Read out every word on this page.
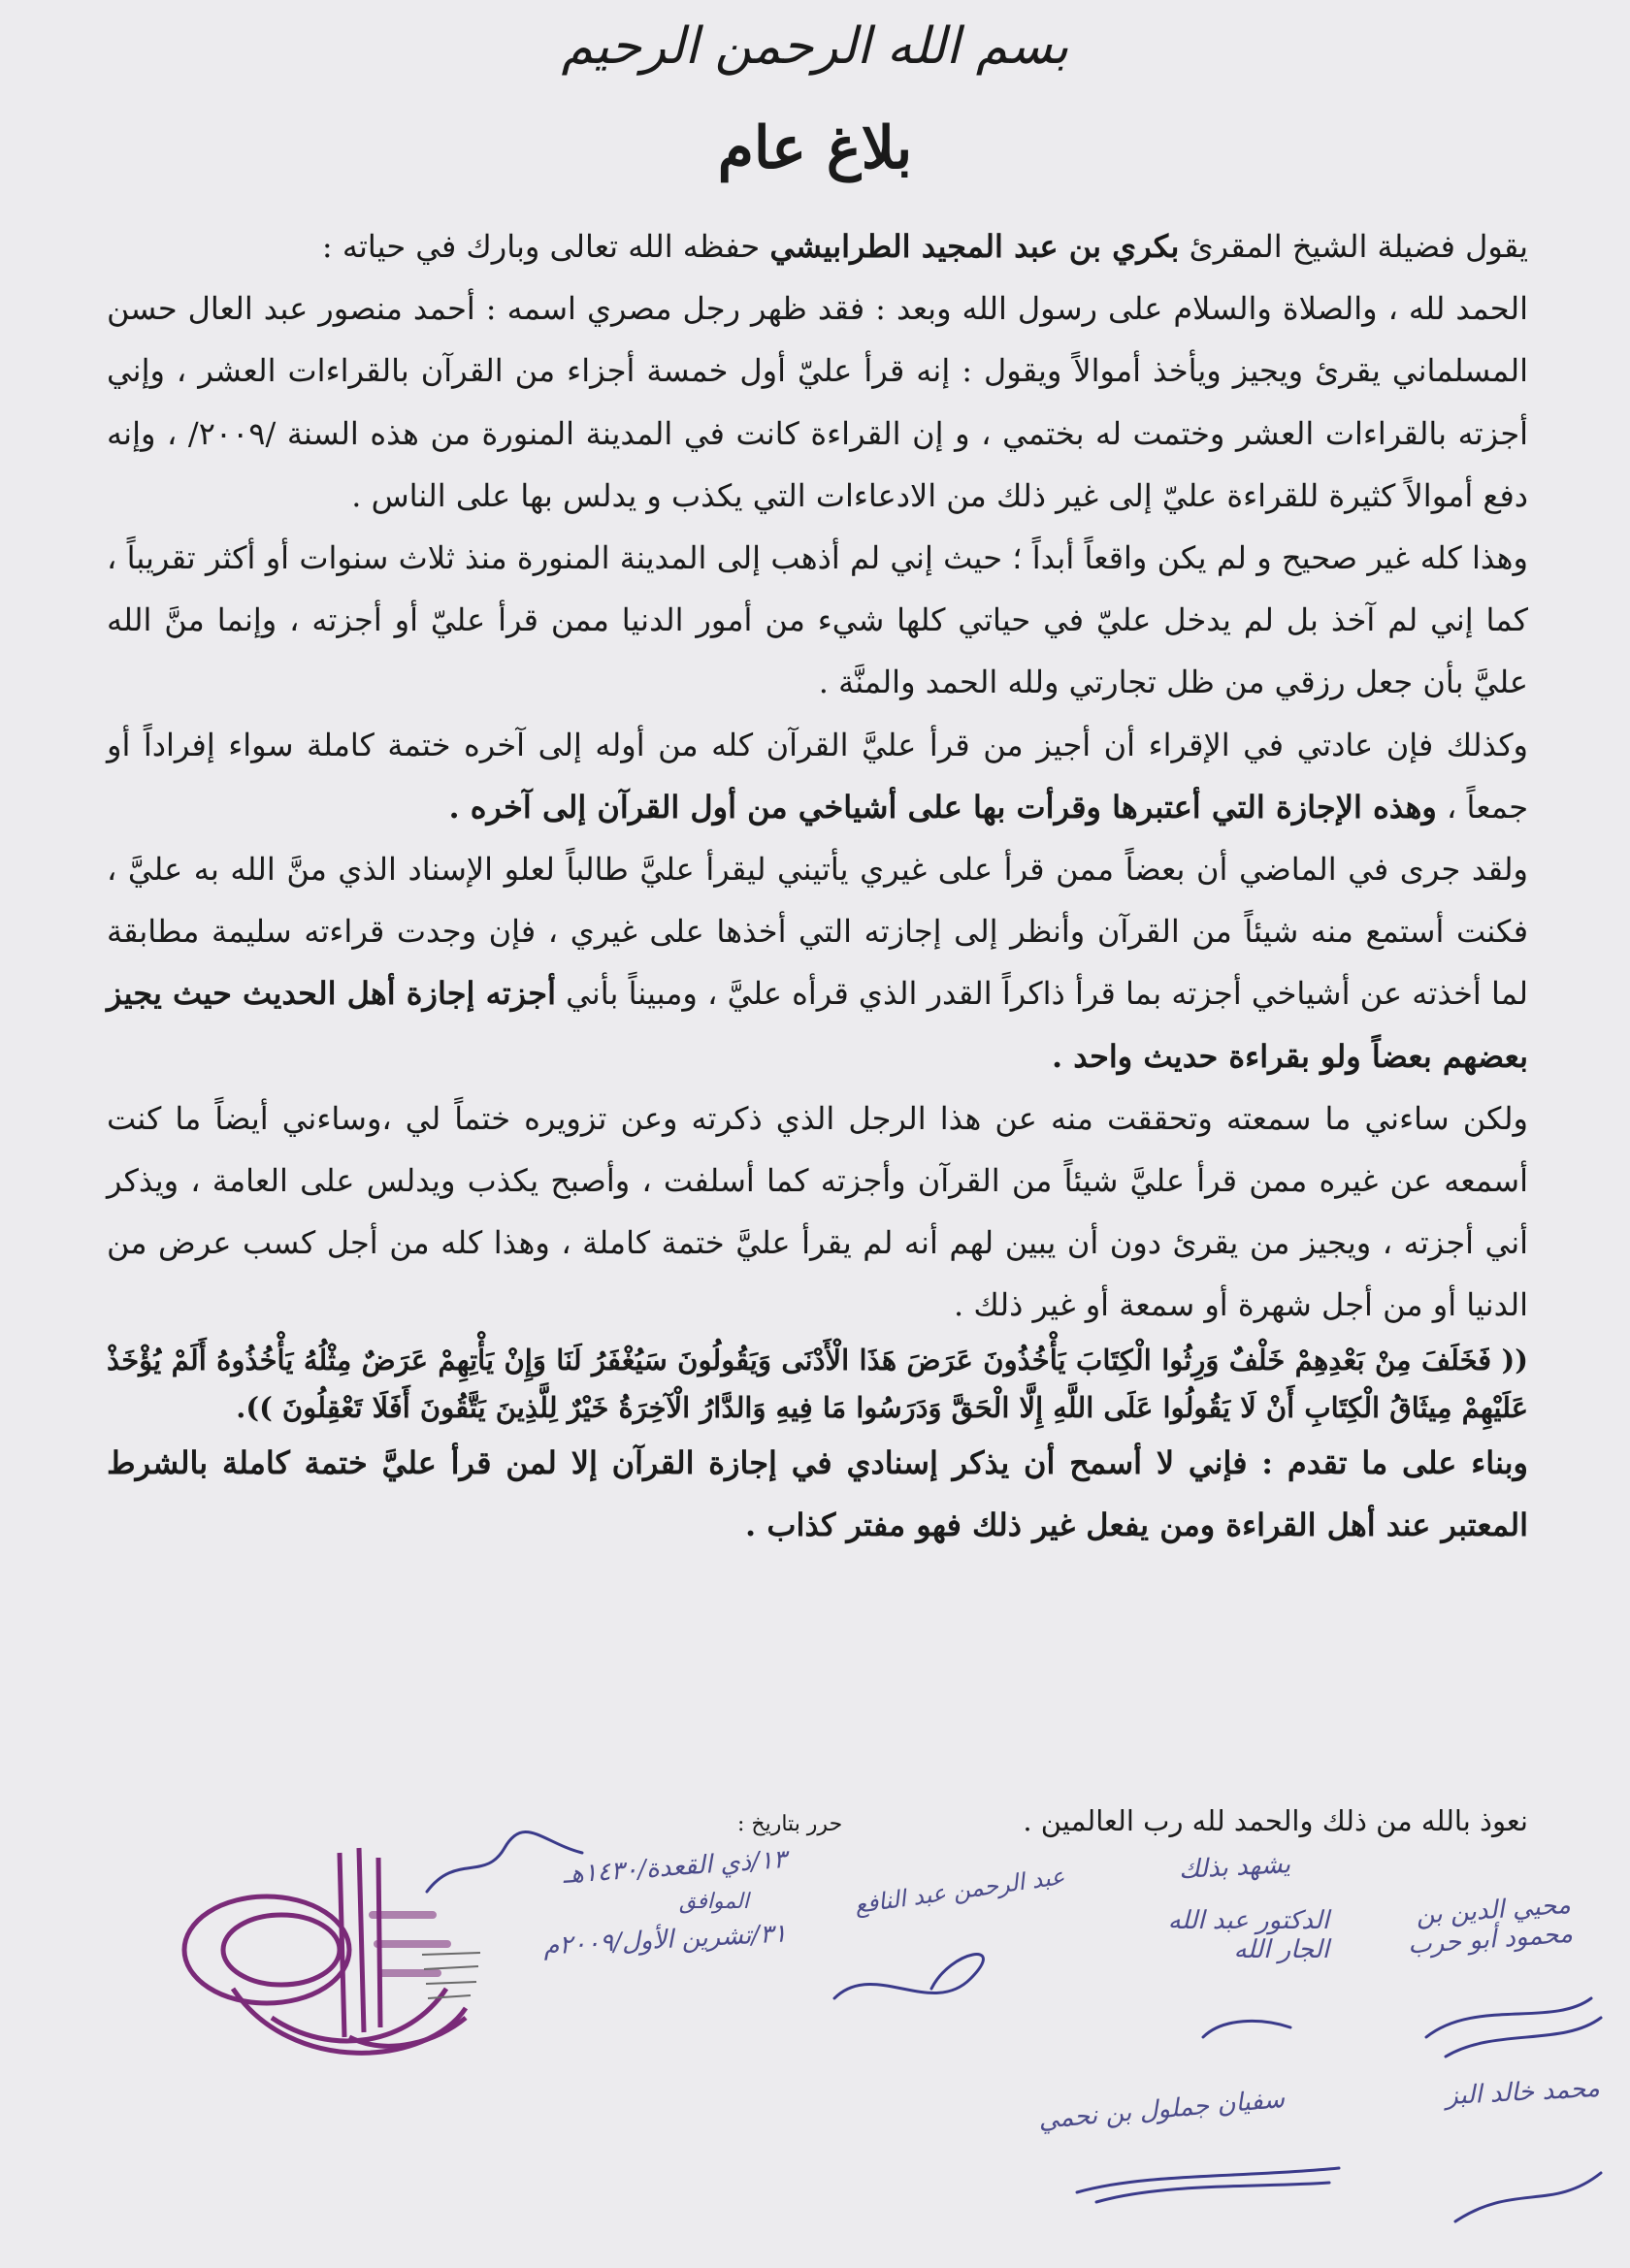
بسم الله الرحمن الرحيم
بلاغ عام

يقول فضيلة الشيخ المقرئ بكري بن عبد المجيد الطرابيشي حفظه الله تعالى وبارك في حياته :

الحمد لله ، والصلاة والسلام على رسول الله وبعد : فقد ظهر رجل مصري اسمه : أحمد منصور عبد العال حسن المسلماني يقرئ ويجيز ويأخذ أموالاً ويقول : إنه قرأ عليّ أول خمسة أجزاء من القرآن بالقراءات العشر ، وإني أجزته بالقراءات العشر وختمت له بختمي ، و إن القراءة كانت في المدينة المنورة من هذه السنة /٢٠٠٩/ ، وإنه دفع أموالاً كثيرة للقراءة عليّ إلى غير ذلك من الادعاءات التي يكذب و يدلس بها على الناس .

وهذا كله غير صحيح و لم يكن واقعاً أبداً ؛ حيث إني لم أذهب إلى المدينة المنورة منذ ثلاث سنوات أو أكثر تقريباً ، كما إني لم آخذ بل لم يدخل عليّ في حياتي كلها شيء من أمور الدنيا ممن قرأ عليّ أو أجزته ، وإنما منَّ الله عليَّ بأن جعل رزقي من ظل تجارتي ولله الحمد والمنَّة .

وكذلك فإن عادتي في الإقراء أن أجيز من قرأ عليَّ القرآن كله من أوله إلى آخره ختمة كاملة سواء إفراداً أو جمعاً ، وهذه الإجازة التي أعتبرها وقرأت بها على أشياخي من أول القرآن إلى آخره .

ولقد جرى في الماضي أن بعضاً ممن قرأ على غيري يأتيني ليقرأ عليَّ طالباً لعلو الإسناد الذي منَّ الله به عليَّ ، فكنت أستمع منه شيئاً من القرآن وأنظر إلى إجازته التي أخذها على غيري ، فإن وجدت قراءته سليمة مطابقة لما أخذته عن أشياخي أجزته بما قرأ ذاكراً القدر الذي قرأه عليَّ ، ومبيناً بأني أجزته إجازة أهل الحديث حيث يجيز بعضهم بعضاً ولو بقراءة حديث واحد .

ولكن ساءني ما سمعته وتحققت منه عن هذا الرجل الذي ذكرته وعن تزويره ختماً لي ،وساءني أيضاً ما كنت أسمعه عن غيره ممن قرأ عليَّ شيئاً من القرآن وأجزته كما أسلفت ، وأصبح يكذب ويدلس على العامة ، ويذكر أني أجزته ، ويجيز من يقرئ دون أن يبين لهم أنه لم يقرأ عليَّ ختمة كاملة ، وهذا كله من أجل كسب عرض من الدنيا أو من أجل شهرة أو سمعة أو غير ذلك .

(( فَخَلَفَ مِنْ بَعْدِهِمْ خَلْفٌ وَرِثُوا الْكِتَابَ يَأْخُذُونَ عَرَضَ هَذَا الْأَدْنَى وَيَقُولُونَ سَيُغْفَرُ لَنَا وَإِنْ يَأْتِهِمْ عَرَضٌ مِثْلُهُ يَأْخُذُوهُ أَلَمْ يُؤْخَذْ عَلَيْهِمْ مِيثَاقُ الْكِتَابِ أَنْ لَا يَقُولُوا عَلَى اللَّهِ إِلَّا الْحَقَّ وَدَرَسُوا مَا فِيهِ وَالدَّارُ الْآخِرَةُ خَيْرٌ لِلَّذِينَ يَتَّقُونَ أَفَلَا تَعْقِلُونَ )).

وبناء على ما تقدم : فإني لا أسمح أن يذكر إسنادي في إجازة القرآن إلا لمن قرأ عليَّ ختمة كاملة بالشرط المعتبر عند أهل القراءة ومن يفعل غير ذلك فهو مفتر كذاب .

نعوذ بالله من ذلك والحمد لله رب العالمين .
حرر بتاريخ :
١٣/ذي القعدة/١٤٣٠هـ
الموافق
٣١/تشرين الأول/٢٠٠٩م
يشهد بذلك
محيي الدين بن محمود أبو حرب
الدكتور عبد الله الجار الله
عبد الرحمن عبد النافع
محمد خالد البز
سفيان جملول بن نحمي
